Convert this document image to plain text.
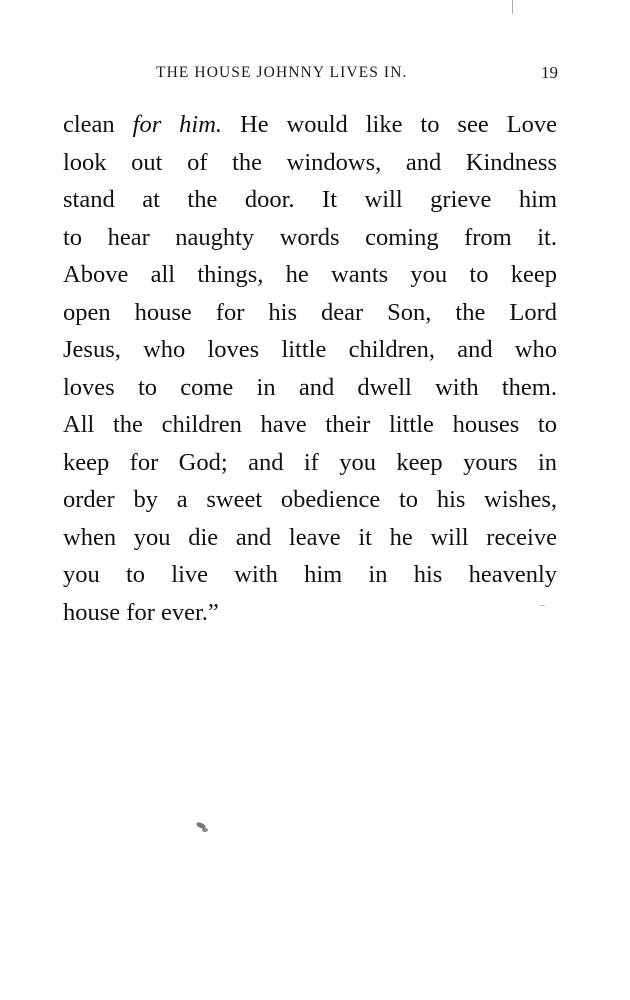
THE HOUSE JOHNNY LIVES IN.	19
clean for him. He would like to see Love
look out of the windows, and Kindness
stand at the door. It will grieve him
to hear naughty words coming from it.
Above all things, he wants you to keep
open house for his dear Son, the Lord
Jesus, who loves little children, and who
loves to come in and dwell with them.
All the children have their little houses to
keep for God; and if you keep yours in
order by a sweet obedience to his wishes,
when you die and leave it he will receive
you to live with him in his heavenly
house for ever.”
